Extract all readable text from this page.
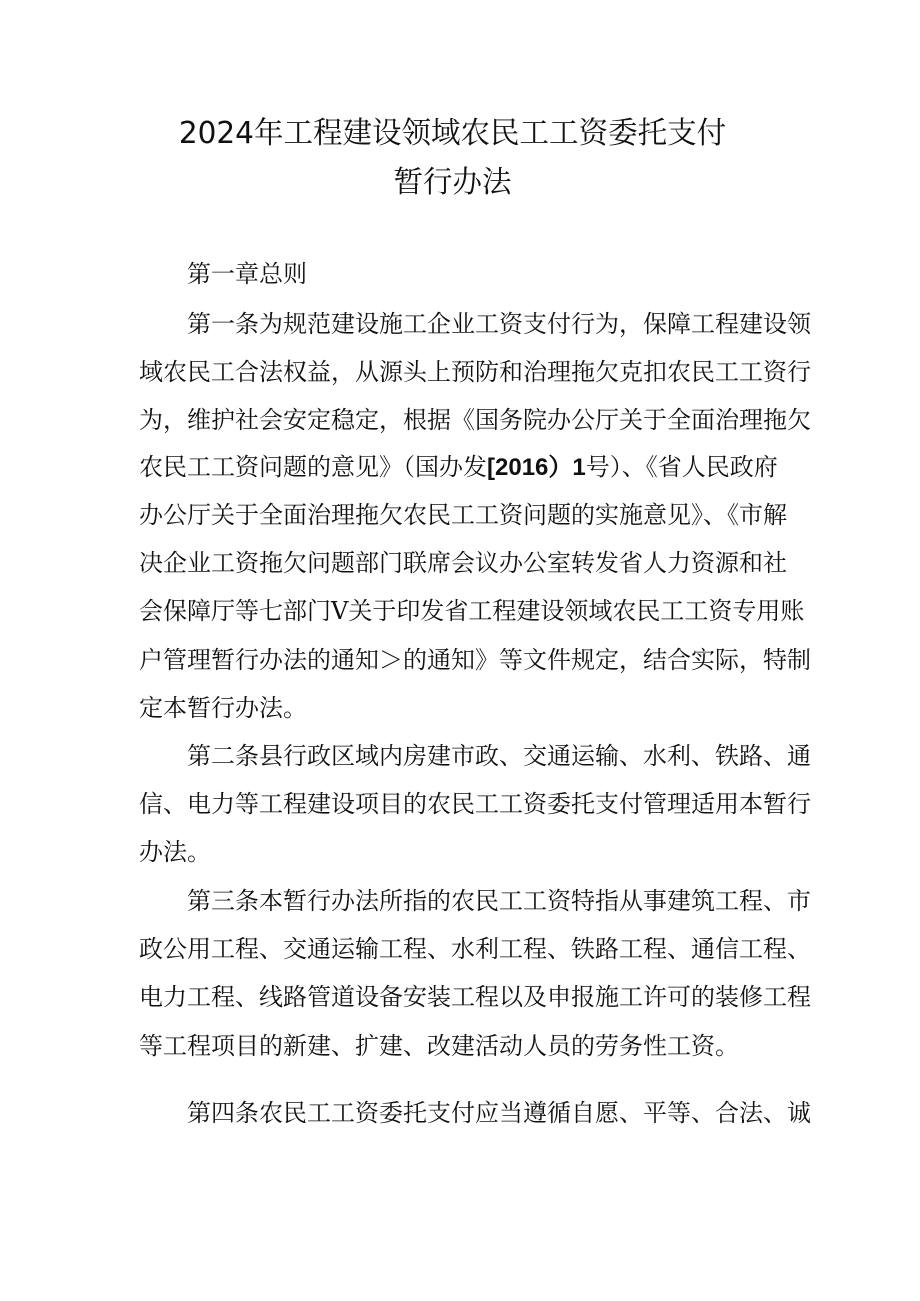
2024年工程建设领域农民工工资委托支付
暂行办法
第一章总则
第一条为规范建设施工企业工资支付行为，保障工程建设领
域农民工合法权益，从源头上预防和治理拖欠克扣农民工工资行
为，维护社会安定稳定，根据《国务院办公厅关于全面治理拖欠
农民工工资问题的意见》（国办发[2016）1号）、《省人民政府
办公厅关于全面治理拖欠农民工工资问题的实施意见》、《市解
决企业工资拖欠问题部门联席会议办公室转发省人力资源和社
会保障厅等七部门Ⅴ关于印发省工程建设领域农民工工资专用账
户管理暂行办法的通知＞的通知》等文件规定，结合实际，特制
定本暂行办法。
第二条县行政区域内房建市政、交通运输、水利、铁路、通
信、电力等工程建设项目的农民工工资委托支付管理适用本暂行
办法。
第三条本暂行办法所指的农民工工资特指从事建筑工程、市
政公用工程、交通运输工程、水利工程、铁路工程、通信工程、
电力工程、线路管道设备安装工程以及申报施工许可的装修工程
等工程项目的新建、扩建、改建活动人员的劳务性工资。
第四条农民工工资委托支付应当遵循自愿、平等、合法、诚
